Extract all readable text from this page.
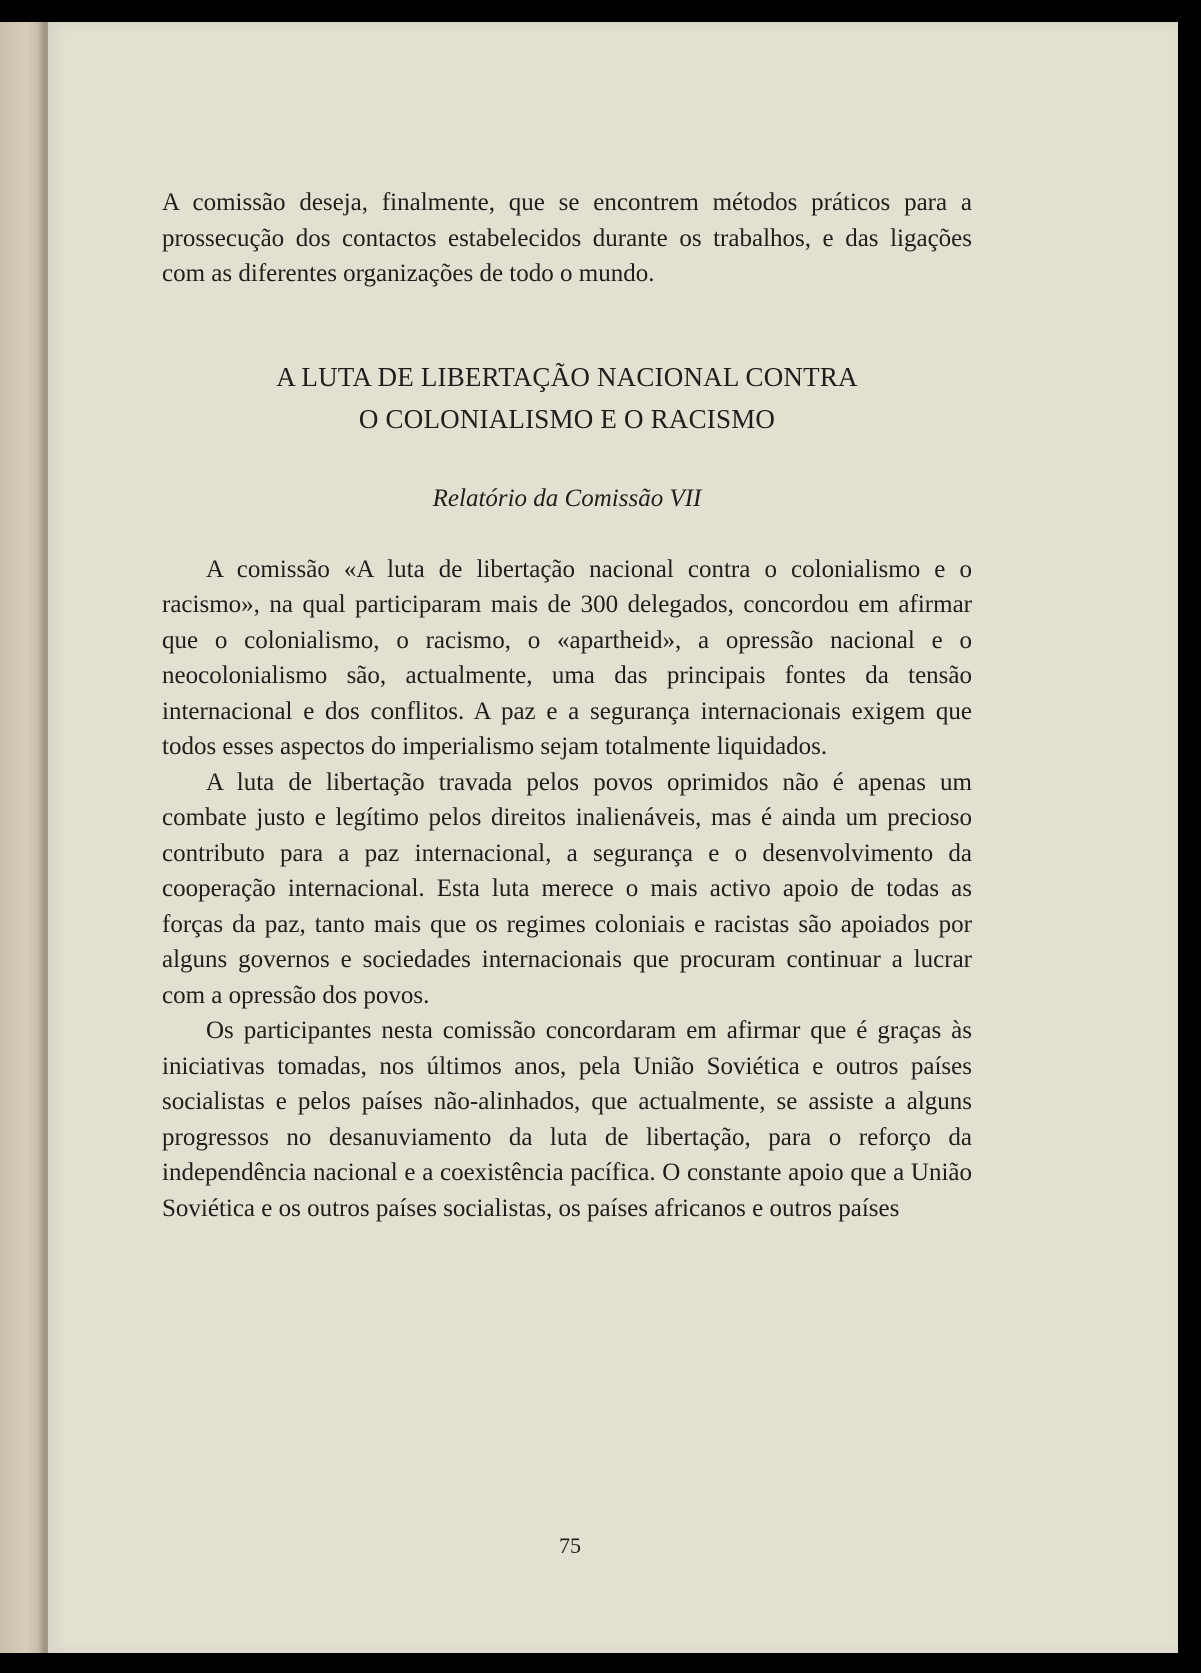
A comissão deseja, finalmente, que se encontrem métodos práticos para a prossecução dos contactos estabelecidos durante os trabalhos, e das ligações com as diferentes organizações de todo o mundo.

A LUTA DE LIBERTAÇÃO NACIONAL CONTRA
O COLONIALISMO E O RACISMO
Relatório da Comissão VII

A comissão «A luta de libertação nacional contra o colonialismo e o racismo», na qual participaram mais de 300 delegados, concordou em afirmar que o colonialismo, o racismo, o «apartheid», a opressão nacional e o neocolonialismo são, actualmente, uma das principais fontes da tensão internacional e dos conflitos. A paz e a segurança internacionais exigem que todos esses aspectos do imperialismo sejam totalmente liquidados.

A luta de libertação travada pelos povos oprimidos não é apenas um combate justo e legítimo pelos direitos inalienáveis, mas é ainda um precioso contributo para a paz internacional, a segurança e o desenvolvimento da cooperação internacional. Esta luta merece o mais activo apoio de todas as forças da paz, tanto mais que os regimes coloniais e racistas são apoiados por alguns governos e sociedades internacionais que procuram continuar a lucrar com a opressão dos povos.

Os participantes nesta comissão concordaram em afirmar que é graças às iniciativas tomadas, nos últimos anos, pela União Soviética e outros países socialistas e pelos países não-alinhados, que actualmente, se assiste a alguns progressos no desanuviamento da luta de libertação, para o reforço da independência nacional e a coexistência pacífica. O constante apoio que a União Soviética e os outros países socialistas, os países africanos e outros países

75
